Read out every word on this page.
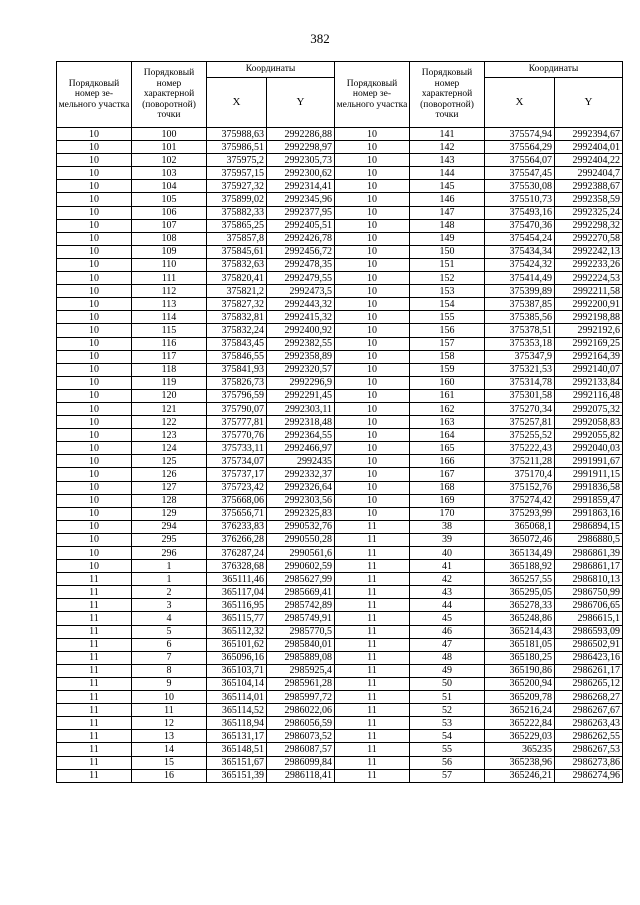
382
Порядковый номер зе-мельного участка	Порядковый номер характерной (поворотной) точки	Координаты		Порядковый номер зе-мельного участка	Порядковый номер характерной (поворотной) точки	Координаты	
		X	Y			X	Y
10	100	375988,63	2992286,88	10	141	375574,94	2992394,67
10	101	375986,51	2992298,97	10	142	375564,29	2992404,01
10	102	375975,2	2992305,73	10	143	375564,07	2992404,22
10	103	375957,15	2992300,62	10	144	375547,45	2992404,7
10	104	375927,32	2992314,41	10	145	375530,08	2992388,67
10	105	375899,02	2992345,96	10	146	375510,73	2992358,59
10	106	375882,33	2992377,95	10	147	375493,16	2992325,24
10	107	375865,25	2992405,51	10	148	375470,36	2992298,32
10	108	375857,8	2992426,78	10	149	375454,24	2992270,58
10	109	375845,61	2992456,72	10	150	375434,34	2992242,13
10	110	375832,63	2992478,35	10	151	375424,32	2992233,26
10	111	375820,41	2992479,55	10	152	375414,49	2992224,53
10	112	375821,2	2992473,5	10	153	375399,89	2992211,58
10	113	375827,32	2992443,32	10	154	375387,85	2992200,91
10	114	375832,81	2992415,32	10	155	375385,56	2992198,88
10	115	375832,24	2992400,92	10	156	375378,51	2992192,6
10	116	375843,45	2992382,55	10	157	375353,18	2992169,25
10	117	375846,55	2992358,89	10	158	375347,9	2992164,39
10	118	375841,93	2992320,57	10	159	375321,53	2992140,07
10	119	375826,73	2992296,9	10	160	375314,78	2992133,84
10	120	375796,59	2992291,45	10	161	375301,58	2992116,48
10	121	375790,07	2992303,11	10	162	375270,34	2992075,32
10	122	375777,81	2992318,48	10	163	375257,81	2992058,83
10	123	375770,76	2992364,55	10	164	375255,52	2992055,82
10	124	375733,11	2992466,97	10	165	375222,43	2992040,03
10	125	375734,07	2992435	10	166	375211,28	2991991,67
10	126	375737,17	2992332,37	10	167	375170,4	2991911,15
10	127	375723,42	2992326,64	10	168	375152,76	2991836,58
10	128	375668,06	2992303,56	10	169	375274,42	2991859,47
10	129	375656,71	2992325,83	10	170	375293,99	2991863,16
10	294	376233,83	2990532,76	11	38	365068,1	2986894,15
10	295	376266,28	2990550,28	11	39	365072,46	2986880,5
10	296	376287,24	2990561,6	11	40	365134,49	2986861,39
10	1	376328,68	2990602,59	11	41	365188,92	2986861,17
11	1	365111,46	2985627,99	11	42	365257,55	2986810,13
11	2	365117,04	2985669,41	11	43	365295,05	2986750,99
11	3	365116,95	2985742,89	11	44	365278,33	2986706,65
11	4	365115,77	2985749,91	11	45	365248,86	2986615,1
11	5	365112,32	2985770,5	11	46	365214,43	2986593,09
11	6	365101,62	2985840,01	11	47	365181,05	2986502,91
11	7	365096,16	2985889,08	11	48	365180,25	2986423,16
11	8	365103,71	2985925,4	11	49	365190,86	2986261,17
11	9	365104,14	2985961,28	11	50	365200,94	2986265,12
11	10	365114,01	2985997,72	11	51	365209,78	2986268,27
11	11	365114,52	2986022,06	11	52	365216,24	2986267,67
11	12	365118,94	2986056,59	11	53	365222,84	2986263,43
11	13	365131,17	2986073,52	11	54	365229,03	2986262,55
11	14	365148,51	2986087,57	11	55	365235	2986267,53
11	15	365151,67	2986099,84	11	56	365238,96	2986273,86
11	16	365151,39	2986118,41	11	57	365246,21	2986274,96
